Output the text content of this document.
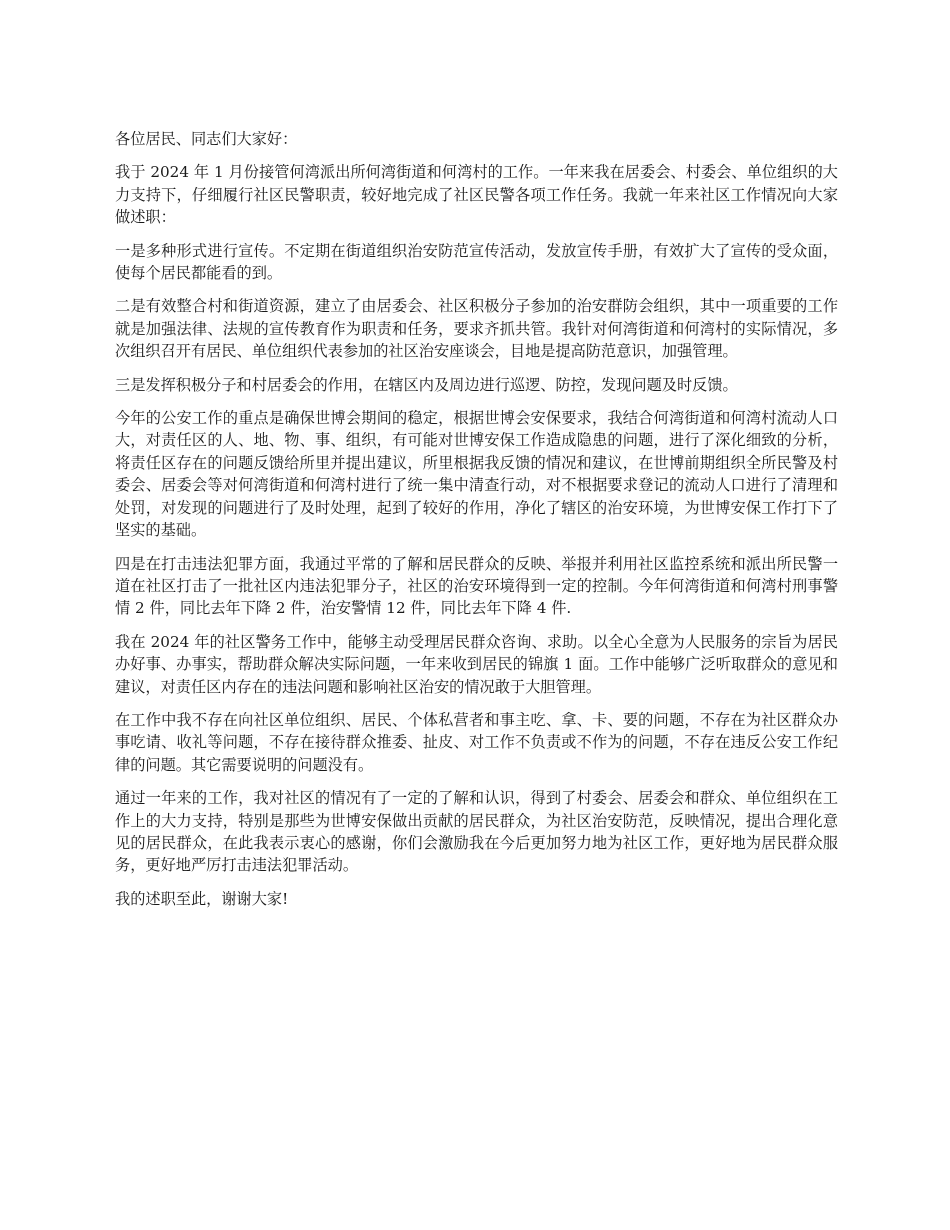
各位居民、同志们大家好：

我于 2024 年 1 月份接管何湾派出所何湾街道和何湾村的工作。一年来我在居委会、村委会、单位组织的大力支持下，仔细履行社区民警职责，较好地完成了社区民警各项工作任务。我就一年来社区工作情况向大家做述职：

一是多种形式进行宣传。不定期在街道组织治安防范宣传活动，发放宣传手册，有效扩大了宣传的受众面，使每个居民都能看的到。

二是有效整合村和街道资源，建立了由居委会、社区积极分子参加的治安群防会组织，其中一项重要的工作就是加强法律、法规的宣传教育作为职责和任务，要求齐抓共管。我针对何湾街道和何湾村的实际情况，多次组织召开有居民、单位组织代表参加的社区治安座谈会，目地是提高防范意识，加强管理。

三是发挥积极分子和村居委会的作用，在辖区内及周边进行巡逻、防控，发现问题及时反馈。

今年的公安工作的重点是确保世博会期间的稳定，根据世博会安保要求，我结合何湾街道和何湾村流动人口大，对责任区的人、地、物、事、组织，有可能对世博安保工作造成隐患的问题，进行了深化细致的分析，将责任区存在的问题反馈给所里并提出建议，所里根据我反馈的情况和建议，在世博前期组织全所民警及村委会、居委会等对何湾街道和何湾村进行了统一集中清查行动，对不根据要求登记的流动人口进行了清理和处罚，对发现的问题进行了及时处理，起到了较好的作用，净化了辖区的治安环境，为世博安保工作打下了坚实的基础。

四是在打击违法犯罪方面，我通过平常的了解和居民群众的反映、举报并利用社区监控系统和派出所民警一道在社区打击了一批社区内违法犯罪分子，社区的治安环境得到一定的控制。今年何湾街道和何湾村刑事警情 2 件，同比去年下降 2 件，治安警情 12 件，同比去年下降 4 件.

我在 2024 年的社区警务工作中，能够主动受理居民群众咨询、求助。以全心全意为人民服务的宗旨为居民办好事、办事实，帮助群众解决实际问题，一年来收到居民的锦旗 1 面。工作中能够广泛听取群众的意见和建议，对责任区内存在的违法问题和影响社区治安的情况敢于大胆管理。

在工作中我不存在向社区单位组织、居民、个体私营者和事主吃、拿、卡、要的问题，不存在为社区群众办事吃请、收礼等问题，不存在接待群众推委、扯皮、对工作不负责或不作为的问题，不存在违反公安工作纪律的问题。其它需要说明的问题没有。

通过一年来的工作，我对社区的情况有了一定的了解和认识，得到了村委会、居委会和群众、单位组织在工作上的大力支持，特别是那些为世博安保做出贡献的居民群众，为社区治安防范，反映情况，提出合理化意见的居民群众，在此我表示衷心的感谢，你们会激励我在今后更加努力地为社区工作，更好地为居民群众服务，更好地严厉打击违法犯罪活动。

我的述职至此，谢谢大家!
